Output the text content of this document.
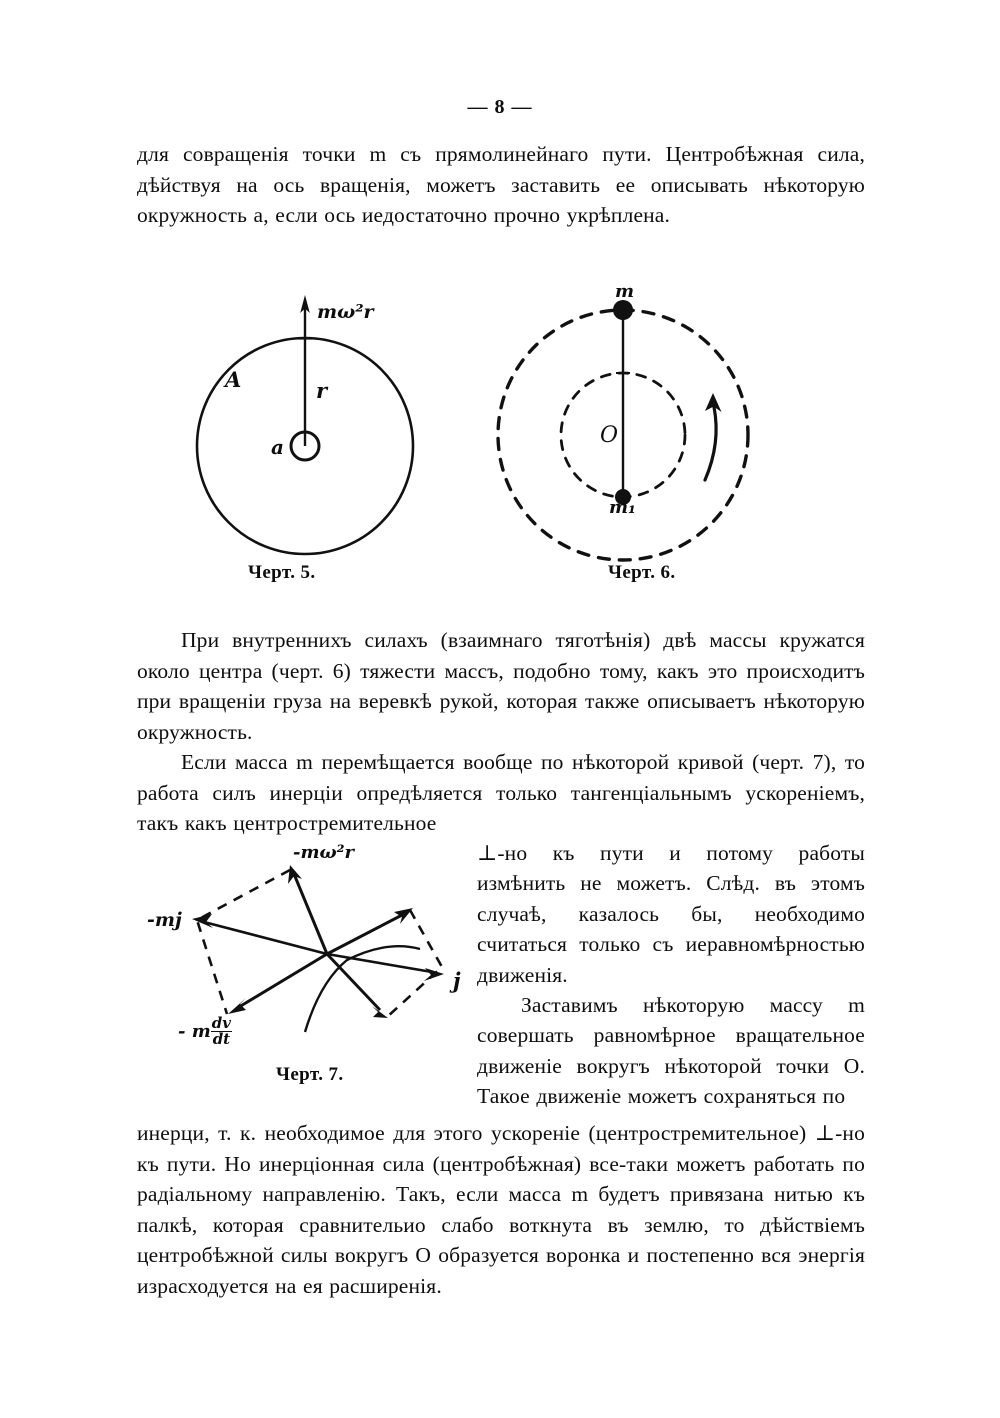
— 8 —

для совращенія точки m съ прямолинейнаго пути. Центробѣжная сила, дѣйствуя на ось вращенія, можетъ заставить ее описывать нѣкоторую окружность a, если ось иедостаточно прочно укрѣплена.

mω²r
A
a
r
Черт. 5.
m
m₁
O
Черт. 6.

При внутреннихъ силахъ (взаимнаго тяготѣнія) двѣ массы кружатся около центра (черт. 6) тяжести массъ, подобно тому, какъ это происходитъ при вращеніи груза на веревкѣ рукой, которая также описываетъ нѣкоторую окружность.

Если масса m перемѣщается вообще по нѣкоторой кривой (черт. 7), то работа силъ инерціи опредѣляется только тангенціальнымъ ускореніемъ, такъ какъ центростремительное

-mω²r
-mj
- m $\frac{dv}{dt}$
j
Черт. 7.

⊥-но къ пути и потому работы измѣнить не можетъ. Слѣд. въ этомъ случаѣ, казалось бы, необходимо считаться только съ иеравномѣрностью движенія.

Заставимъ нѣкоторую массу m совершать равномѣрное вращательное движеніе вокругъ нѣкоторой точки O. Такое движеніе можетъ сохраняться по

инерци, т. к. необходимое для этого ускореніе (центростремительное) ⊥-но къ пути. Но инерціонная сила (центробѣжная) все-таки можетъ работать по радіальному направленію. Такъ, если масса m будетъ привязана нитью къ палкѣ, которая сравнительио слабо воткнута въ землю, то дѣйствіемъ центробѣжной силы вокругъ O образуется воронка и постепенно вся энергія израсходуется на ея расширенія.
